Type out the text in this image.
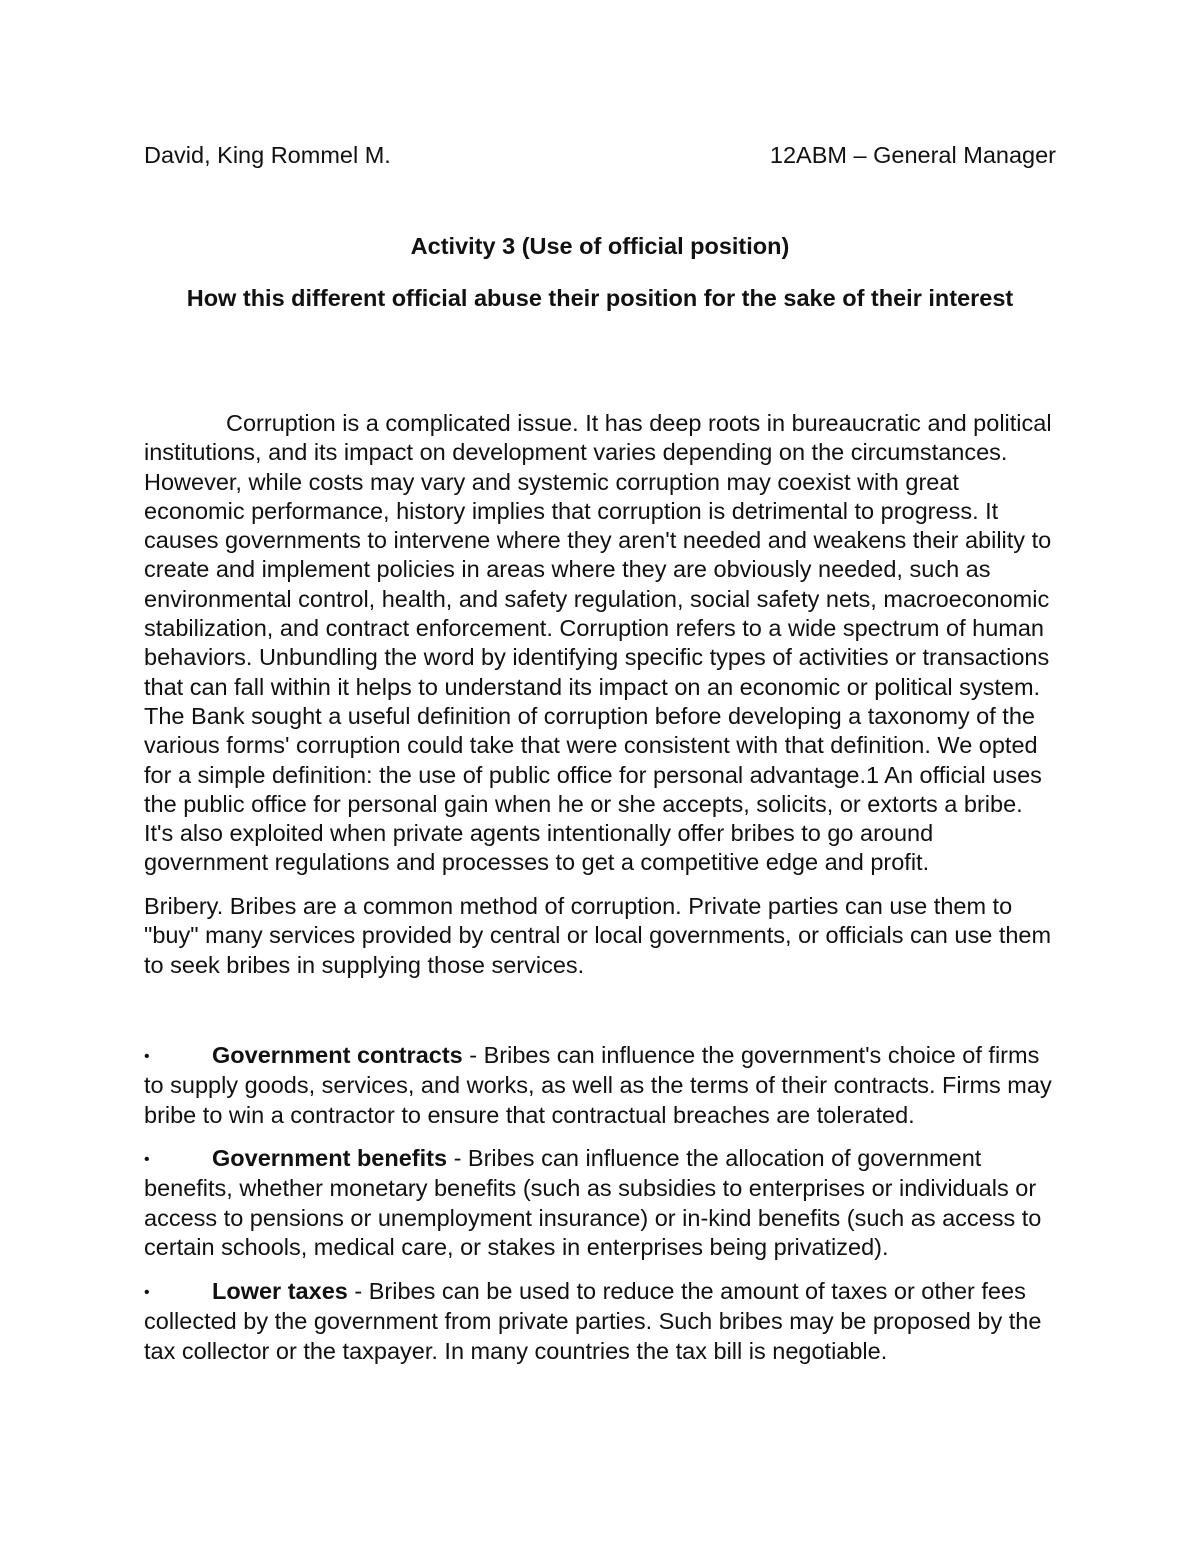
David, King Rommel M.	12ABM – General Manager
Activity 3 (Use of official position)
How this different official abuse their position for the sake of their interest

Corruption is a complicated issue. It has deep roots in bureaucratic and political institutions, and its impact on development varies depending on the circumstances. However, while costs may vary and systemic corruption may coexist with great economic performance, history implies that corruption is detrimental to progress. It causes governments to intervene where they aren't needed and weakens their ability to create and implement policies in areas where they are obviously needed, such as environmental control, health, and safety regulation, social safety nets, macroeconomic stabilization, and contract enforcement. Corruption refers to a wide spectrum of human behaviors. Unbundling the word by identifying specific types of activities or transactions that can fall within it helps to understand its impact on an economic or political system. The Bank sought a useful definition of corruption before developing a taxonomy of the various forms' corruption could take that were consistent with that definition. We opted for a simple definition: the use of public office for personal advantage.1 An official uses the public office for personal gain when he or she accepts, solicits, or extorts a bribe. It's also exploited when private agents intentionally offer bribes to go around government regulations and processes to get a competitive edge and profit.

Bribery. Bribes are a common method of corruption. Private parties can use them to "buy" many services provided by central or local governments, or officials can use them to seek bribes in supplying those services.

•	Government contracts - Bribes can influence the government's choice of firms to supply goods, services, and works, as well as the terms of their contracts. Firms may bribe to win a contractor to ensure that contractual breaches are tolerated.

•	Government benefits - Bribes can influence the allocation of government benefits, whether monetary benefits (such as subsidies to enterprises or individuals or access to pensions or unemployment insurance) or in-kind benefits (such as access to certain schools, medical care, or stakes in enterprises being privatized).

•	Lower taxes - Bribes can be used to reduce the amount of taxes or other fees collected by the government from private parties. Such bribes may be proposed by the tax collector or the taxpayer. In many countries the tax bill is negotiable.
